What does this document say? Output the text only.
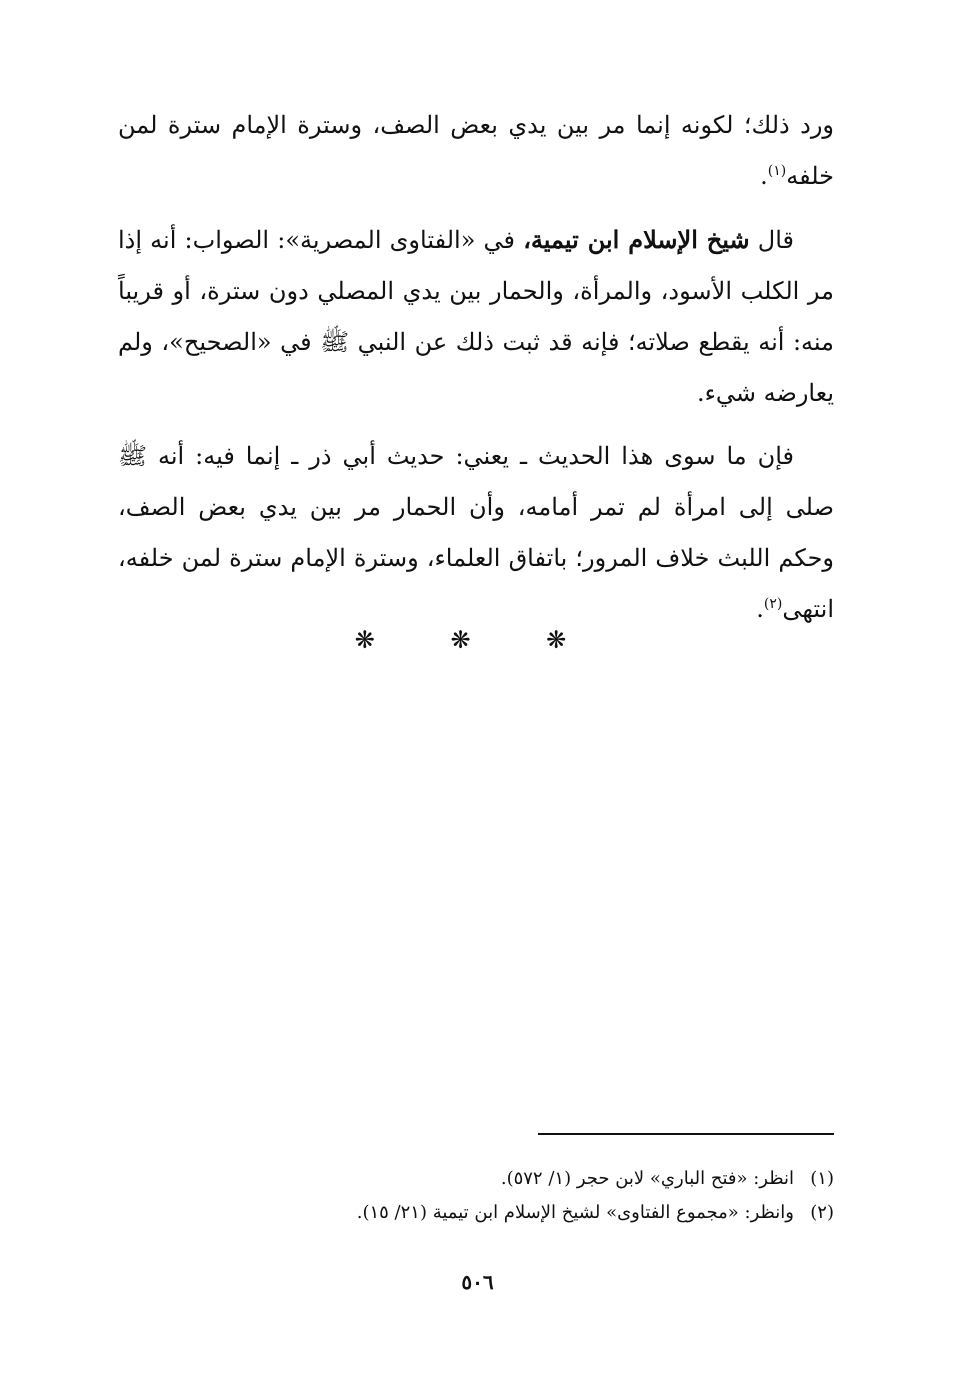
ورد ذلك؛ لكونه إنما مر بين يدي بعض الصف، وسترة الإمام سترة لمن خلفه$^{(١)}$.

قال شيخ الإسلام ابن تيمية، في «الفتاوى المصرية»: الصواب: أنه إذا مر الكلب الأسود، والمرأة، والحمار بين يدي المصلي دون سترة، أو قريباً منه: أنه يقطع صلاته؛ فإنه قد ثبت ذلك عن النبي ﷺ في «الصحيح»، ولم يعارضه شيء.

فإن ما سوى هذا الحديث ـ يعني: حديث أبي ذر ـ إنما فيه: أنه ﷺ صلى إلى امرأة لم تمر أمامه، وأن الحمار مر بين يدي بعض الصف، وحكم اللبث خلاف المرور؛ باتفاق العلماء، وسترة الإمام سترة لمن خلفه، انتهى$^{(٢)}$.

❋ ❋ ❋
(١)انظر: «فتح الباري» لابن حجر (١/ ٥٧٢).
(٢)وانظر: «مجموع الفتاوى» لشيخ الإسلام ابن تيمية (٢١/ ١٥).
٥٠٦
